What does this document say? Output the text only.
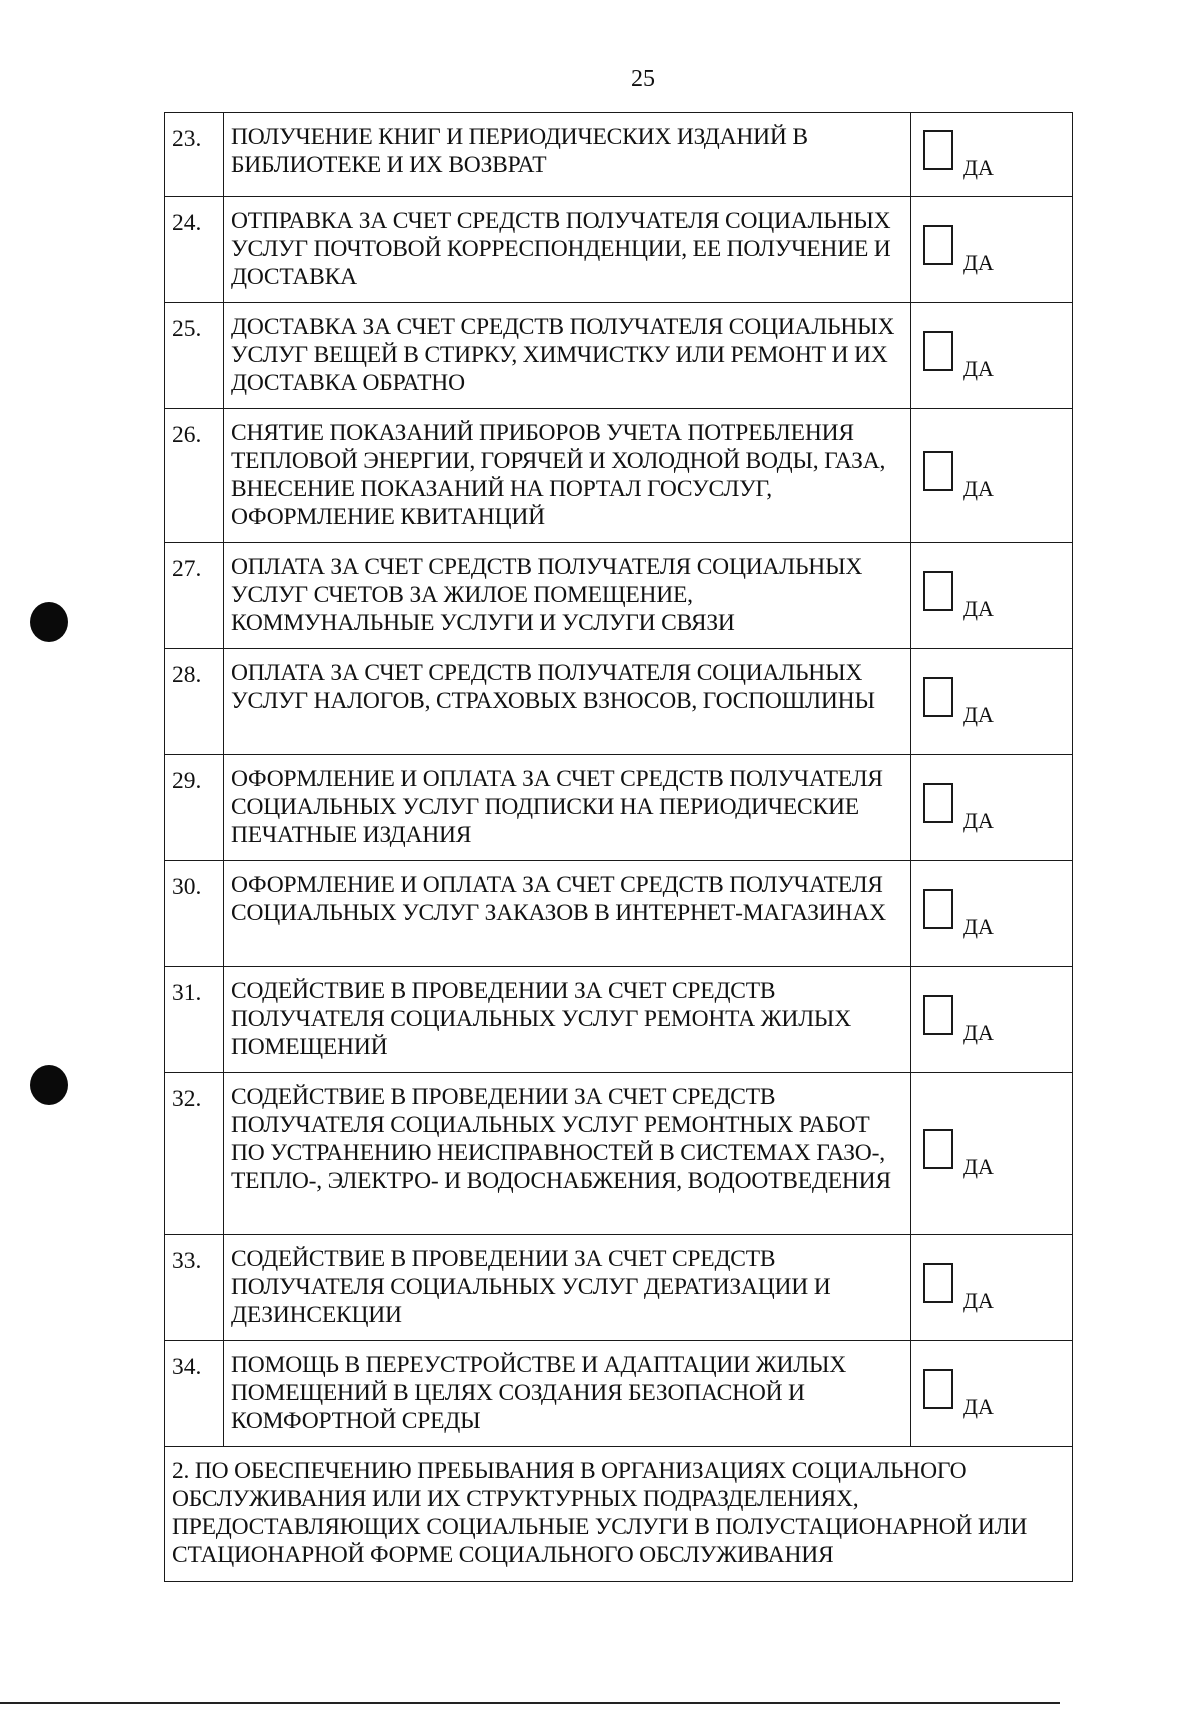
25
23.	ПОЛУЧЕНИЕ КНИГ И ПЕРИОДИЧЕСКИХ ИЗДАНИЙ В БИБЛИОТЕКЕ И ИХ ВОЗВРАТ	ДА

24.	ОТПРАВКА ЗА СЧЕТ СРЕДСТВ ПОЛУЧАТЕЛЯ СОЦИАЛЬНЫХ УСЛУГ ПОЧТОВОЙ КОРРЕСПОНДЕНЦИИ, ЕЕ ПОЛУЧЕНИЕ И ДОСТАВКА	ДА

25.	ДОСТАВКА ЗА СЧЕТ СРЕДСТВ ПОЛУЧАТЕЛЯ СОЦИАЛЬНЫХ УСЛУГ ВЕЩЕЙ В СТИРКУ, ХИМЧИСТКУ ИЛИ РЕМОНТ И ИХ ДОСТАВКА ОБРАТНО	ДА

26.	СНЯТИЕ ПОКАЗАНИЙ ПРИБОРОВ УЧЕТА ПОТРЕБЛЕНИЯ ТЕПЛОВОЙ ЭНЕРГИИ, ГОРЯЧЕЙ И ХОЛОДНОЙ ВОДЫ, ГАЗА, ВНЕСЕНИЕ ПОКАЗАНИЙ НА ПОРТАЛ ГОСУСЛУГ, ОФОРМЛЕНИЕ КВИТАНЦИЙ	ДА

27.	ОПЛАТА ЗА СЧЕТ СРЕДСТВ ПОЛУЧАТЕЛЯ СОЦИАЛЬНЫХ УСЛУГ СЧЕТОВ ЗА ЖИЛОЕ ПОМЕЩЕНИЕ, КОММУНАЛЬНЫЕ УСЛУГИ И УСЛУГИ СВЯЗИ	ДА

28.	ОПЛАТА ЗА СЧЕТ СРЕДСТВ ПОЛУЧАТЕЛЯ СОЦИАЛЬНЫХ УСЛУГ НАЛОГОВ, СТРАХОВЫХ ВЗНОСОВ, ГОСПОШЛИНЫ	ДА

29.	ОФОРМЛЕНИЕ И ОПЛАТА ЗА СЧЕТ СРЕДСТВ ПОЛУЧАТЕЛЯ СОЦИАЛЬНЫХ УСЛУГ ПОДПИСКИ НА ПЕРИОДИЧЕСКИЕ ПЕЧАТНЫЕ ИЗДАНИЯ	ДА

30.	ОФОРМЛЕНИЕ И ОПЛАТА ЗА СЧЕТ СРЕДСТВ ПОЛУЧАТЕЛЯ СОЦИАЛЬНЫХ УСЛУГ ЗАКАЗОВ В ИНТЕРНЕТ-МАГАЗИНАХ	ДА

31.	СОДЕЙСТВИЕ В ПРОВЕДЕНИИ ЗА СЧЕТ СРЕДСТВ ПОЛУЧАТЕЛЯ СОЦИАЛЬНЫХ УСЛУГ РЕМОНТА ЖИЛЫХ ПОМЕЩЕНИЙ	ДА

32.	СОДЕЙСТВИЕ В ПРОВЕДЕНИИ ЗА СЧЕТ СРЕДСТВ ПОЛУЧАТЕЛЯ СОЦИАЛЬНЫХ УСЛУГ РЕМОНТНЫХ РАБОТ ПО УСТРАНЕНИЮ НЕИСПРАВНОСТЕЙ В СИСТЕМАХ ГАЗО-, ТЕПЛО-, ЭЛЕКТРО- И ВОДОСНАБЖЕНИЯ, ВОДООТВЕДЕНИЯ	ДА

33.	СОДЕЙСТВИЕ В ПРОВЕДЕНИИ ЗА СЧЕТ СРЕДСТВ ПОЛУЧАТЕЛЯ СОЦИАЛЬНЫХ УСЛУГ ДЕРАТИЗАЦИИ И ДЕЗИНСЕКЦИИ	ДА

34.	ПОМОЩЬ В ПЕРЕУСТРОЙСТВЕ И АДАПТАЦИИ ЖИЛЫХ ПОМЕЩЕНИЙ В ЦЕЛЯХ СОЗДАНИЯ БЕЗОПАСНОЙ И КОМФОРТНОЙ СРЕДЫ	ДА

2. ПО ОБЕСПЕЧЕНИЮ ПРЕБЫВАНИЯ В ОРГАНИЗАЦИЯХ СОЦИАЛЬНОГО ОБСЛУЖИВАНИЯ ИЛИ ИХ СТРУКТУРНЫХ ПОДРАЗДЕЛЕНИЯХ, ПРЕДОСТАВЛЯЮЩИХ СОЦИАЛЬНЫЕ УСЛУГИ В ПОЛУСТАЦИОНАРНОЙ ИЛИ СТАЦИОНАРНОЙ ФОРМЕ СОЦИАЛЬНОГО ОБСЛУЖИВАНИЯ		
